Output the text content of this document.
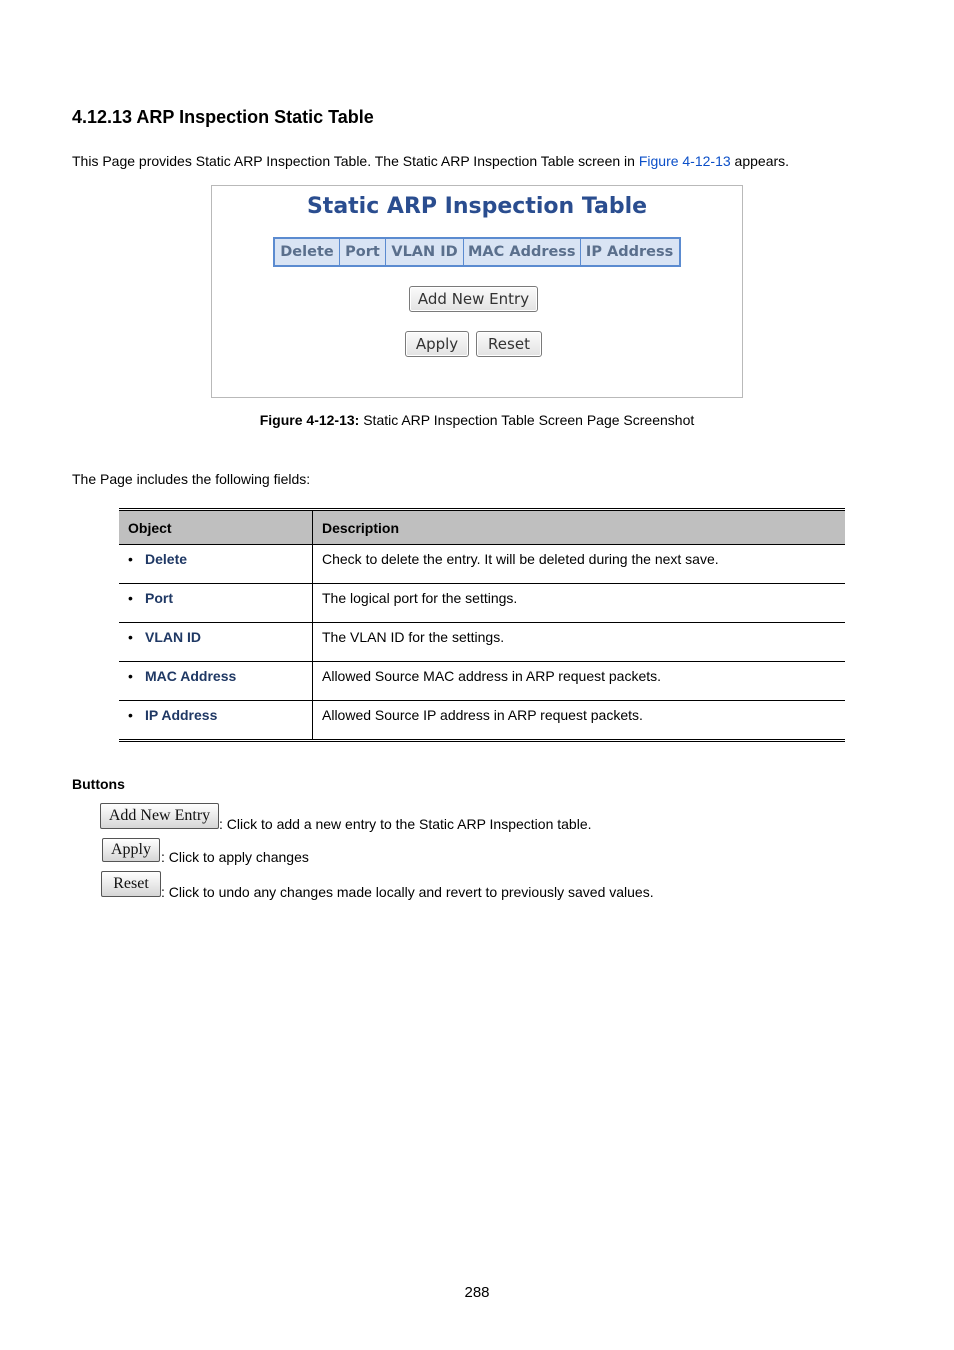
4.12.13 ARP Inspection Static Table
This Page provides Static ARP Inspection Table. The Static ARP Inspection Table screen in Figure 4-12-13 appears.
Static ARP Inspection Table
Delete	Port	VLAN ID	MAC Address	IP Address
Add New Entry
Apply	Reset
Figure 4-12-13: Static ARP Inspection Table Screen Page Screenshot
The Page includes the following fields:
Object	Description
• Delete	Check to delete the entry. It will be deleted during the next save.
• Port	The logical port for the settings.
• VLAN ID	The VLAN ID for the settings.
• MAC Address	Allowed Source MAC address in ARP request packets.
• IP Address	Allowed Source IP address in ARP request packets.
Buttons
Add New Entry : Click to add a new entry to the Static ARP Inspection table.
Apply : Click to apply changes
Reset : Click to undo any changes made locally and revert to previously saved values.
288
